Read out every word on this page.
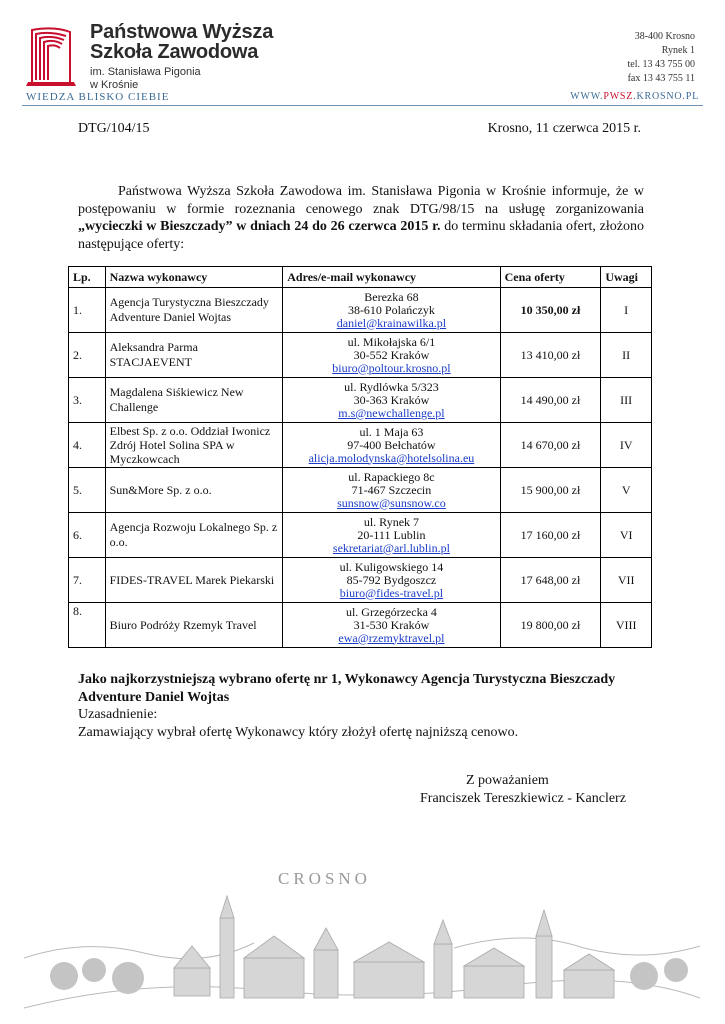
Państwowa Wyższa
Szkoła Zawodowa
im. Stanisława Pigonia
w Krośnie
38-400 Krosno
Rynek 1
tel. 13 43 755 00
fax 13 43 755 11
WIEDZA BLISKO CIEBIE	WWW.PWSZ.KROSNO.PL
DTG/104/15	Krosno, 11 czerwca 2015 r.

Państwowa Wyższa Szkoła Zawodowa im. Stanisława Pigonia w Krośnie informuje, że w postępowaniu w formie rozeznania cenowego znak DTG/98/15 na usługę zorganizowania „wycieczki w Bieszczady” w dniach 24 do 26 czerwca 2015 r. do terminu składania ofert, złożono następujące oferty:

Lp.	Nazwa wykonawcy	Adres/e-mail wykonawcy	Cena oferty	Uwagi
1.	Agencja Turystyczna Bieszczady Adventure Daniel Wojtas	Berezka 68
38-610 Polańczyk
daniel@krainawilka.pl	10 350,00 zł	I
2.	Aleksandra Parma STACJAEVENT	ul. Mikołajska 6/1
30-552 Kraków
biuro@poltour.krosno.pl	13 410,00 zł	II
3.	Magdalena Siśkiewicz New Challenge	ul. Rydlówka 5/323
30-363 Kraków
m.s@newchallenge.pl	14 490,00 zł	III
4.	Elbest Sp. z o.o. Oddział Iwonicz Zdrój Hotel Solina SPA w Myczkowcach	ul. 1 Maja 63
97-400 Bełchatów
alicja.molodynska@hotelsolina.eu	14 670,00 zł	IV
5.	Sun&More Sp. z o.o.	ul. Rapackiego 8c
71-467 Szczecin
sunsnow@sunsnow.co	15 900,00 zł	V
6.	Agencja Rozwoju Lokalnego Sp. z o.o.	ul. Rynek 7
20-111 Lublin
sekretariat@arl.lublin.pl	17 160,00 zł	VI
7.	FIDES-TRAVEL Marek Piekarski	ul. Kuligowskiego 14
85-792 Bydgoszcz
biuro@fides-travel.pl	17 648,00 zł	VII
8.	Biuro Podróży Rzemyk Travel	ul. Grzegórzecka 4
31-530 Kraków
ewa@rzemyktravel.pl	19 800,00 zł	VIII
Jako najkorzystniejszą wybrano ofertę nr 1, Wykonawcy Agencja Turystyczna Bieszczady Adventure Daniel Wojtas
Uzasadnienie:
Zamawiający wybrał ofertę Wykonawcy który złożył ofertę najniższą cenowo.
Z poważaniem
Franciszek Tereszkiewicz - Kanclerz
CROSNO
